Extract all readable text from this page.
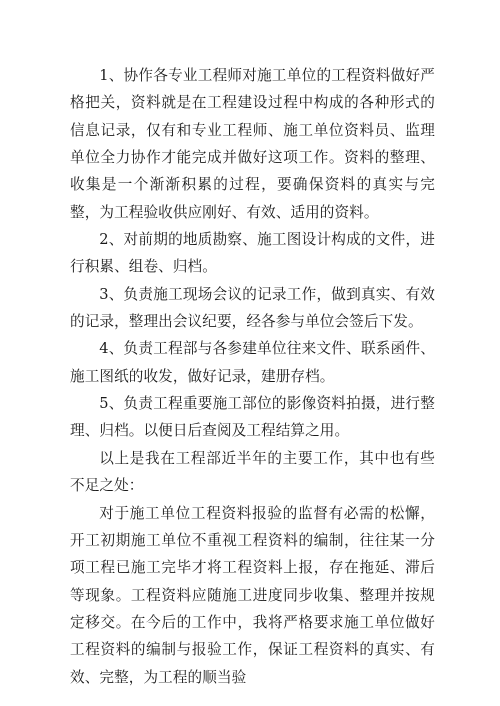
1、协作各专业工程师对施工单位的工程资料做好严格把关，资料就是在工程建设过程中构成的各种形式的信息记录，仅有和专业工程师、施工单位资料员、监理单位全力协作才能完成并做好这项工作。资料的整理、收集是一个渐渐积累的过程，要确保资料的真实与完整，为工程验收供应刚好、有效、适用的资料。

2、对前期的地质勘察、施工图设计构成的文件，进行积累、组卷、归档。

3、负责施工现场会议的记录工作，做到真实、有效的记录，整理出会议纪要，经各参与单位会签后下发。

4、负责工程部与各参建单位往来文件、联系函件、施工图纸的收发，做好记录，建册存档。

5、负责工程重要施工部位的影像资料拍摄，进行整理、归档。以便日后查阅及工程结算之用。

以上是我在工程部近半年的主要工作，其中也有些不足之处：

对于施工单位工程资料报验的监督有必需的松懈，开工初期施工单位不重视工程资料的编制，往往某一分项工程已施工完毕才将工程资料上报，存在拖延、滞后等现象。工程资料应随施工进度同步收集、整理并按规定移交。在今后的工作中，我将严格要求施工单位做好工程资料的编制与报验工作，保证工程资料的真实、有效、完整，为工程的顺当验
